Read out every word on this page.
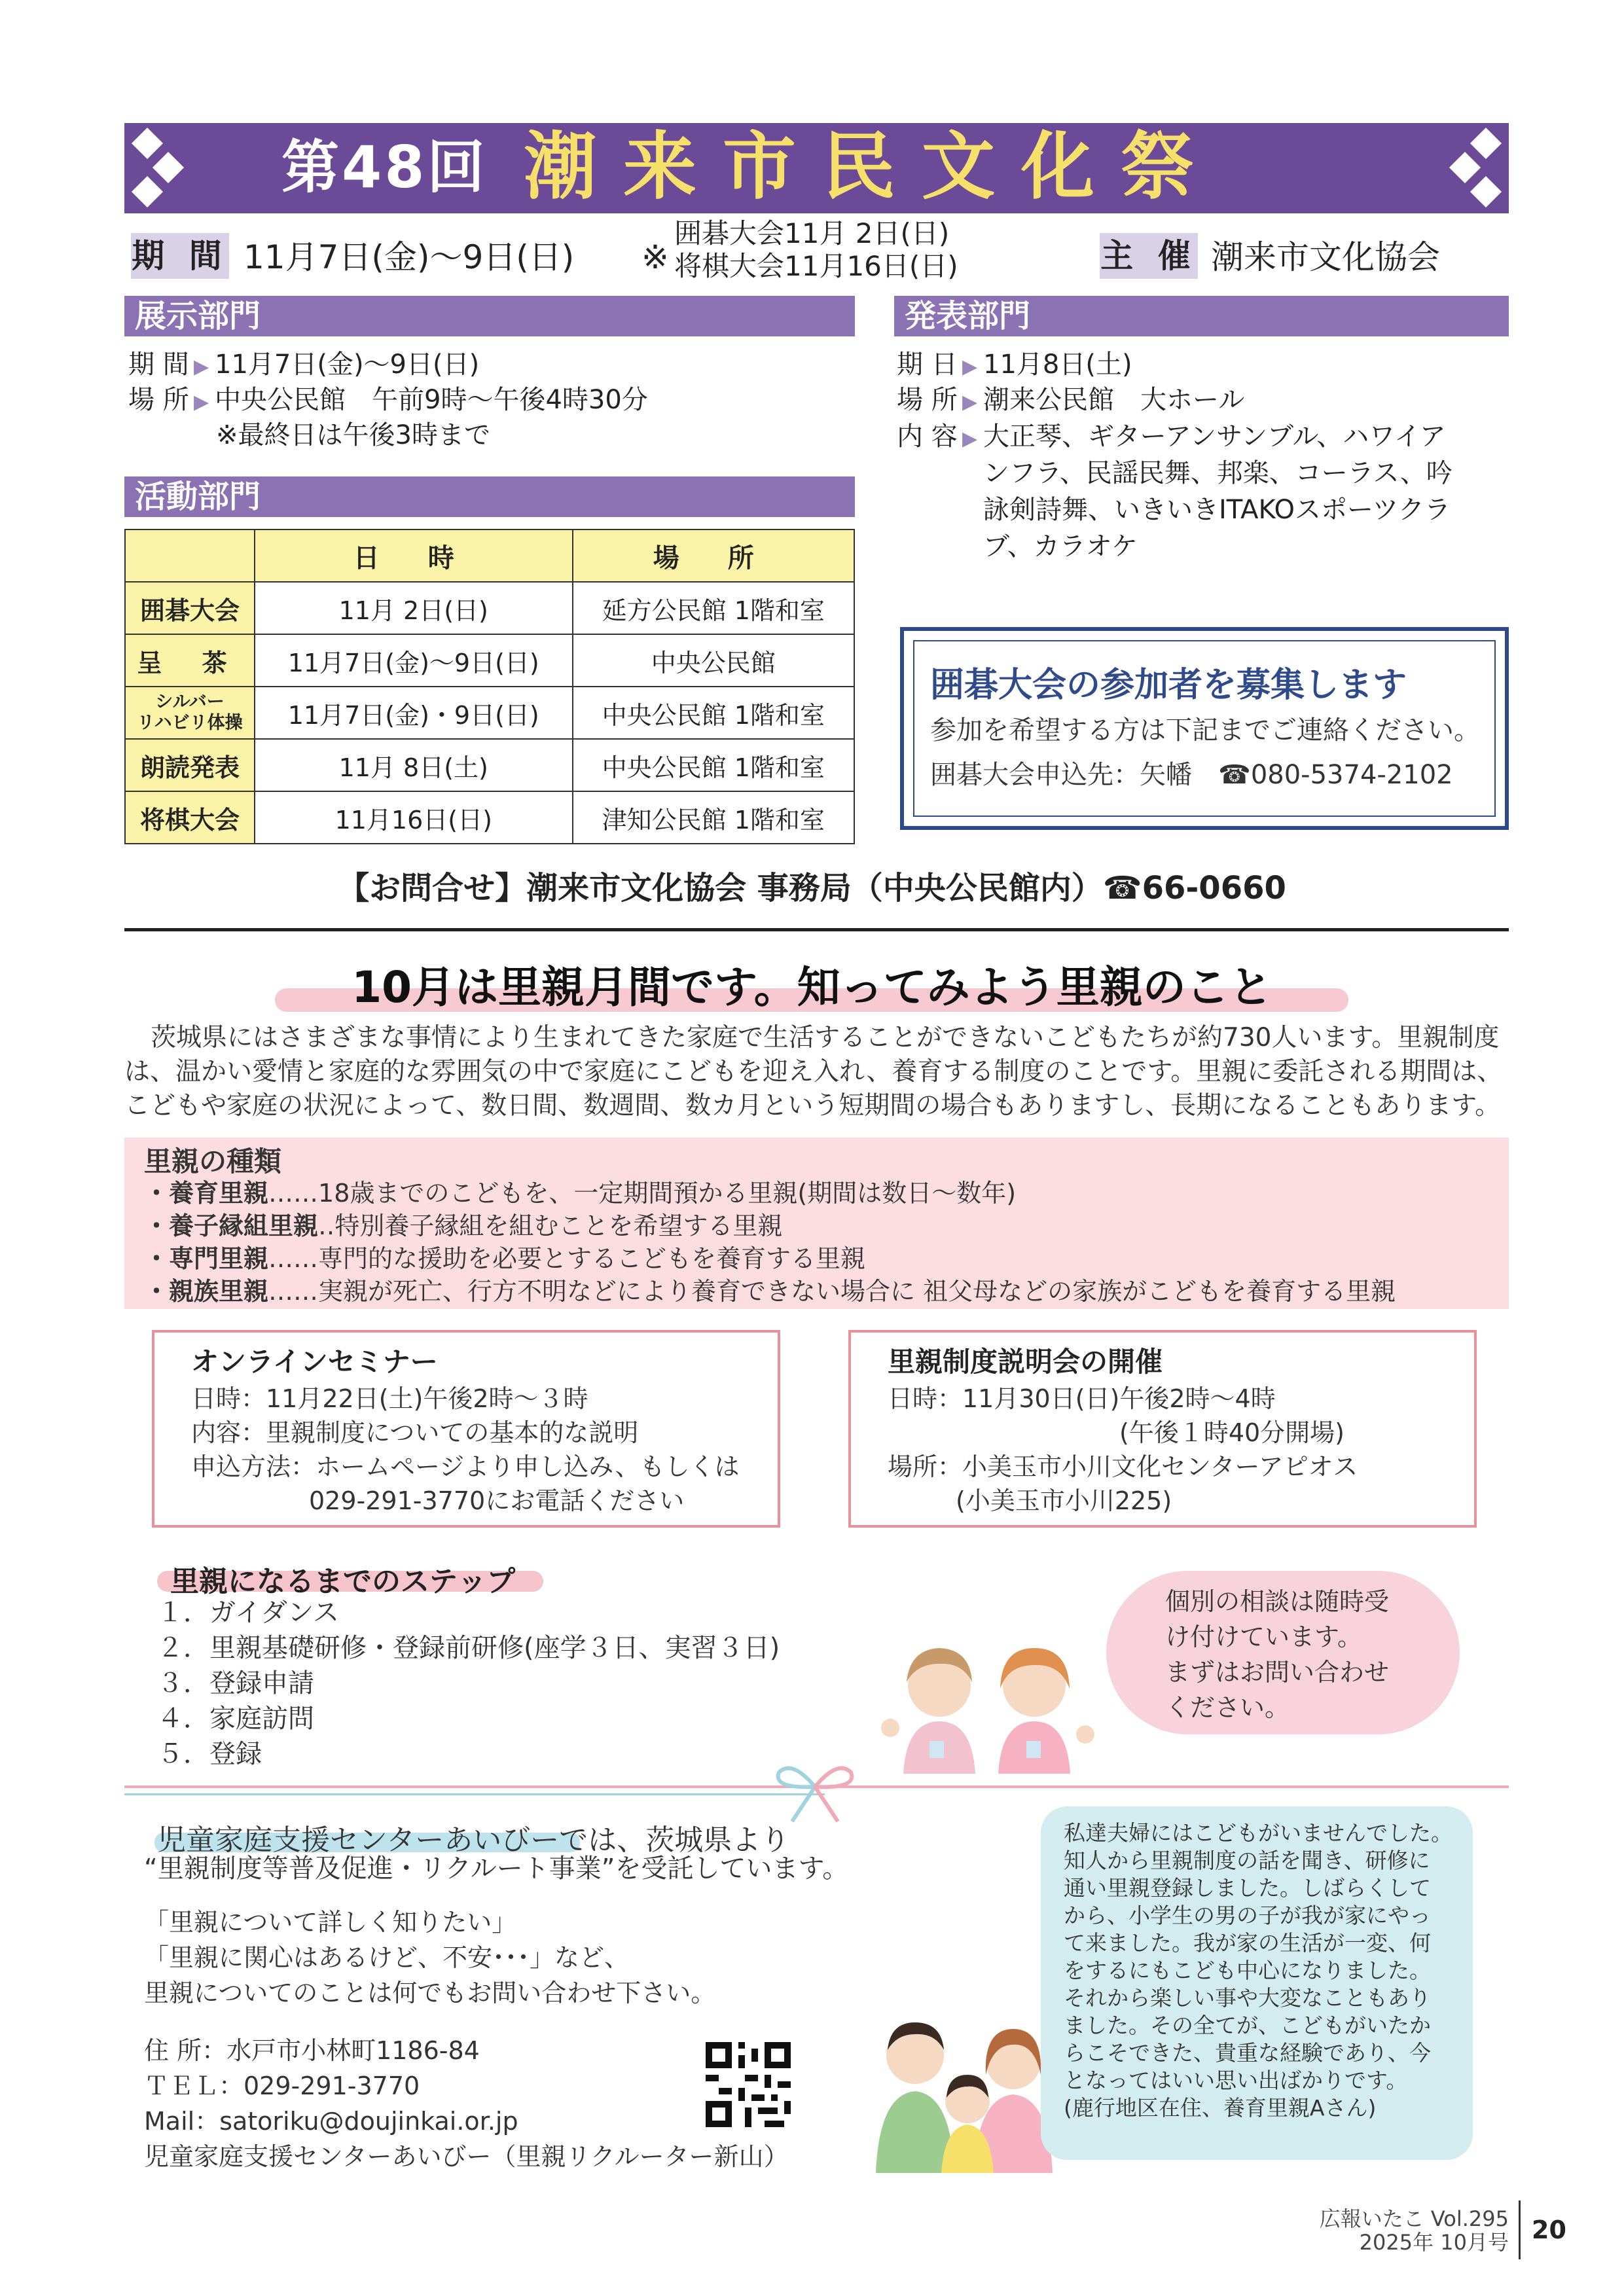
第48回 潮来市民文化祭
期 間 11月7日(金)〜9日(日) ※
囲碁大会11月 2日(日)
将棋大会11月16日(日)	主 催 潮来市文化協会
展示部門
期 間 ▶ 11月7日(金)〜9日(日)
場 所 ▶ 中央公民館　午前9時〜午後4時30分
※最終日は午後3時まで
発表部門
期 日 ▶ 11月8日(土)
場 所 ▶ 潮来公民館　大ホール
内 容 ▶ 大正琴、ギターアンサンブル、ハワイア
ンフラ、民謡民舞、邦楽、コーラス、吟
詠剣詩舞、いきいきITAKOスポーツクラ
ブ、カラオケ
活動部門
	日 時	場 所
囲碁大会	11月 2日(日)	延方公民館 1階和室
呈 茶	11月7日(金)〜9日(日)	中央公民館

シルバー
リハビリ体操	11月7日(金)・9日(日)	中央公民館 1階和室
朗読発表	11月 8日(土)	中央公民館 1階和室
将棋大会	11月16日(日)	津知公民館 1階和室
囲碁大会の参加者を募集します
参加を希望する方は下記までご連絡ください。
囲碁大会申込先：矢幡　☎080-5374-2102
【お問合せ】潮来市文化協会 事務局（中央公民館内）☎66-0660
10月は里親月間です。知ってみよう里親のこと
茨城県にはさまざまな事情により生まれてきた家庭で生活することができないこどもたちが約730人います。里親制度は、温かい愛情と家庭的な雰囲気の中で家庭にこどもを迎え入れ、養育する制度のことです。里親に委託される期間は、こどもや家庭の状況によって、数日間、数週間、数カ月という短期間の場合もありますし、長期になることもあります。
里親の種類
・養育里親……18歳までのこどもを、一定期間預かる里親(期間は数日〜数年)
・養子縁組里親‥特別養子縁組を組むことを希望する里親
・専門里親……専門的な援助を必要とするこどもを養育する里親
・親族里親……実親が死亡、行方不明などにより養育できない場合に 祖父母などの家族がこどもを養育する里親
オンラインセミナー
日時：11月22日(土)午後2時〜３時
内容：里親制度についての基本的な説明
申込方法：ホームページより申し込み、もしくは
029-291-3770にお電話ください
里親制度説明会の開催
日時：11月30日(日)午後2時〜4時
(午後１時40分開場)
場所：小美玉市小川文化センターアピオス
(小美玉市小川225)
里親になるまでのステップ
１．ガイダンス
２．里親基礎研修・登録前研修(座学３日、実習３日)
３．登録申請
４．家庭訪問
５．登録
個別の相談は随時受
け付けています。
まずはお問い合わせ
ください。
児童家庭支援センターあいびーでは、茨城県より
“里親制度等普及促進・リクルート事業”を受託しています。
「里親について詳しく知りたい」
「里親に関心はあるけど、不安･･･」など、
里親についてのことは何でもお問い合わせ下さい。
住 所：水戸市小林町1186-84
ＴＥＬ：029-291-3770
Mail：satoriku@doujinkai.or.jp
児童家庭支援センターあいびー（里親リクルーター新山）
私達夫婦にはこどもがいませんでした。
知人から里親制度の話を聞き、研修に
通い里親登録しました。しばらくして
から、小学生の男の子が我が家にやっ
て来ました。我が家の生活が一変、何
をするにもこども中心になりました。
それから楽しい事や大変なこともあり
ました。その全てが、こどもがいたか
らこそできた、貴重な経験であり、今
となってはいい思い出ばかりです。
(鹿行地区在住、養育里親Aさん)
広報いたこ Vol.295
2025年 10月号 20
